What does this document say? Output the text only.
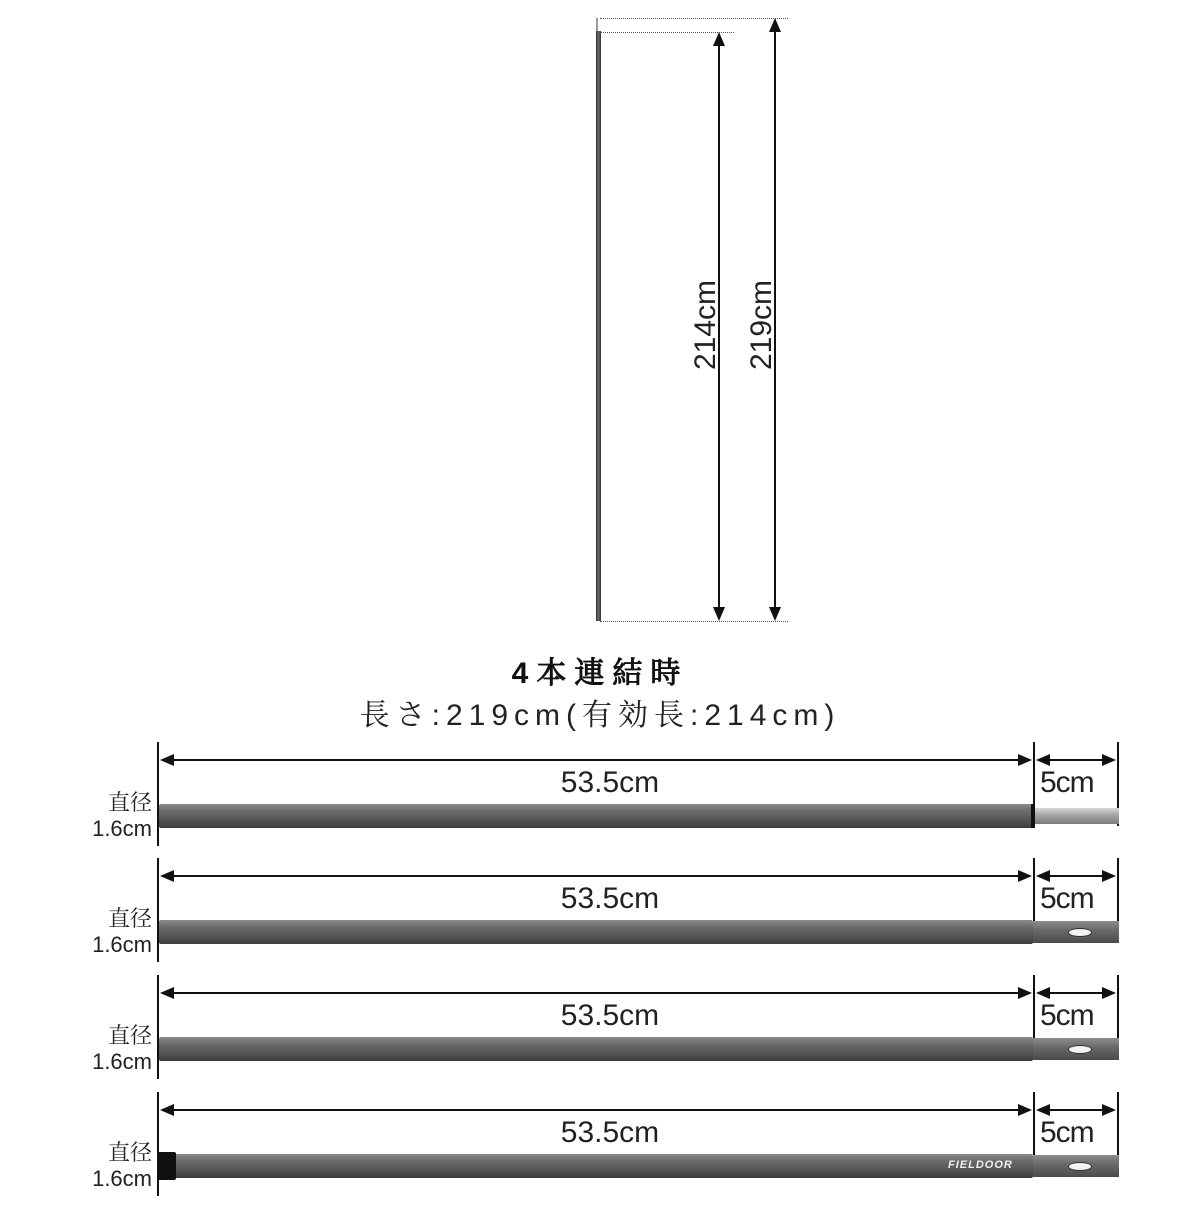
214cm 219cm
4本連結時
長さ:219cm(有効長:214cm)
53.5cm	5cm
直径
1.6cm
53.5cm	5cm
直径
1.6cm
53.5cm	5cm
直径
1.6cm
53.5cm	5cm
直径
1.6cm
FIELDOOR
